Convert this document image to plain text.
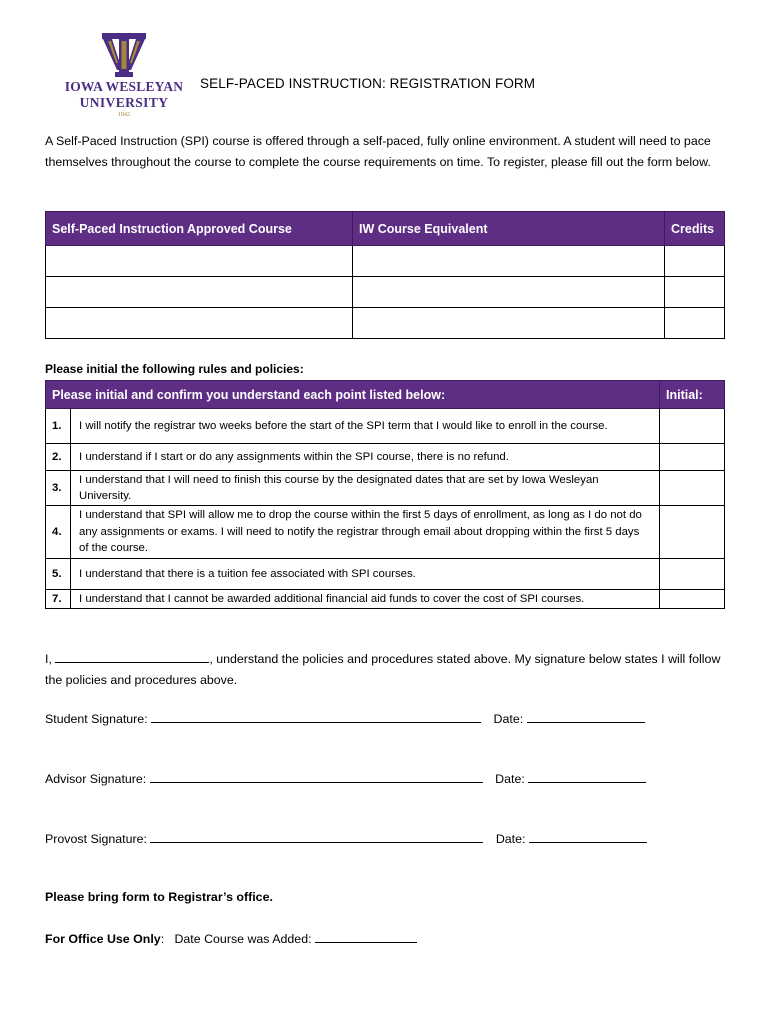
IOWA WESLEYAN
UNIVERSITY
1842
SELF-PACED INSTRUCTION: REGISTRATION FORM
A Self-Paced Instruction (SPI) course is offered through a self-paced, fully online environment. A student will need to pace themselves throughout the course to complete the course requirements on time. To register, please fill out the form below.
Self-Paced Instruction Approved Course	IW Course Equivalent	Credits

Please initial the following rules and policies:
Please initial and confirm you understand each point listed below:		Initial:
1.	I will notify the registrar two weeks before the start of the SPI term that I would like to enroll in the course.	
2.	I understand if I start or do any assignments within the SPI course, there is no refund.	
3.	I understand that I will need to finish this course by the designated dates that are set by Iowa Wesleyan University.	
4.	I understand that SPI will allow me to drop the course within the first 5 days of enrollment, as long as I do not do any assignments or exams. I will need to notify the registrar through email about dropping within the first 5 days of the course.	
5.	I understand that there is a tuition fee associated with SPI courses.	
7.	I understand that I cannot be awarded additional financial aid funds to cover the cost of SPI courses.	
I,	, understand the policies and procedures stated above. My signature below states I will follow the policies and procedures above.
Student Signature:	Date:
Advisor Signature:	Date:
Provost Signature:	Date:
Please bring form to Registrar’s office.
For Office Use Only: Date Course was Added:
